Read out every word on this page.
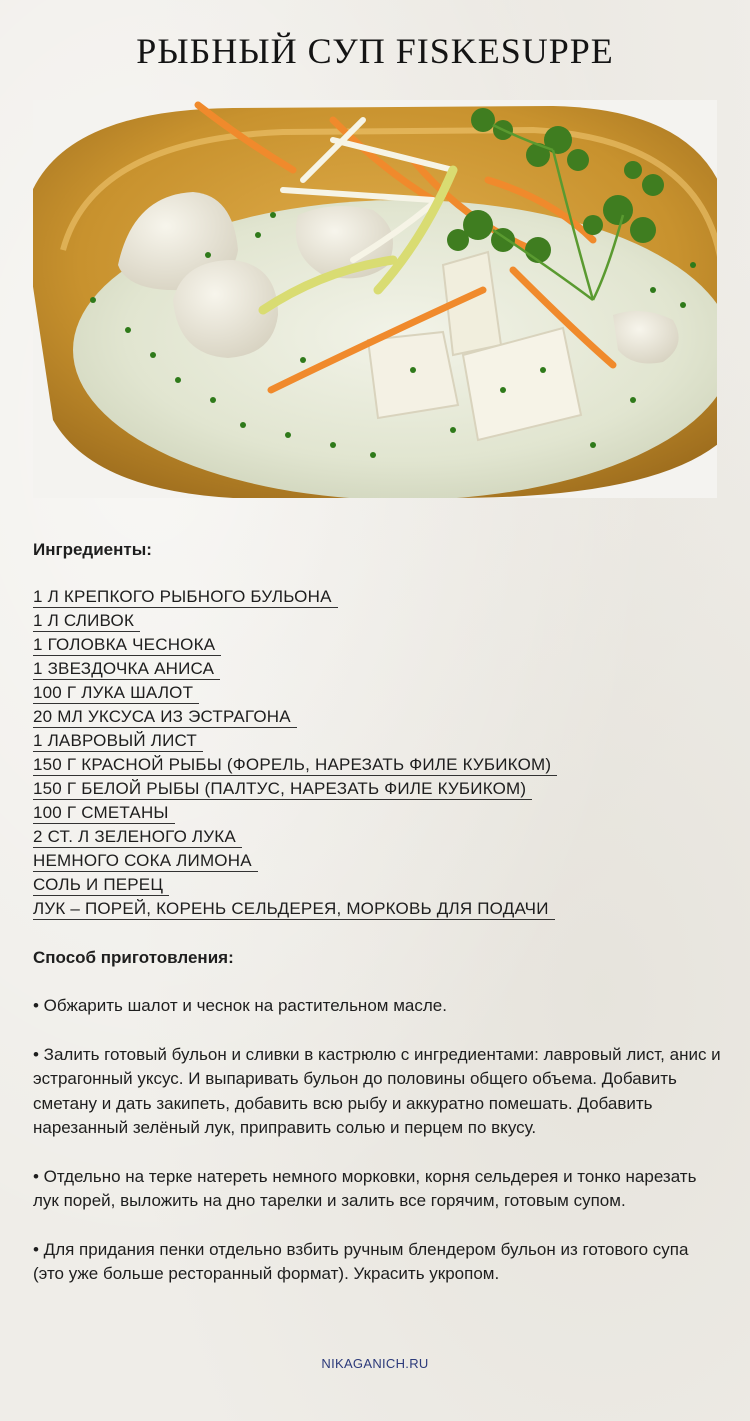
РЫБНЫЙ СУП FISKESUPPE
Ингредиенты:
1 Л КРЕПКОГО РЫБНОГО БУЛЬОНА
1 Л СЛИВОК
1 ГОЛОВКА ЧЕСНОКА
1 ЗВЕЗДОЧКА АНИСА
100 Г ЛУКА ШАЛОТ
20 МЛ УКСУСА ИЗ ЭСТРАГОНА
1 ЛАВРОВЫЙ ЛИСТ
150 Г КРАСНОЙ РЫБЫ (ФОРЕЛЬ, НАРЕЗАТЬ ФИЛЕ КУБИКОМ)
150 Г БЕЛОЙ РЫБЫ (ПАЛТУС, НАРЕЗАТЬ ФИЛЕ КУБИКОМ)
100 Г СМЕТАНЫ
2 СТ. Л ЗЕЛЕНОГО ЛУКА
НЕМНОГО СОКА ЛИМОНА
СОЛЬ И ПЕРЕЦ
ЛУК – ПОРЕЙ, КОРЕНЬ СЕЛЬДЕРЕЯ, МОРКОВЬ ДЛЯ ПОДАЧИ
Способ приготовления:

• Обжарить шалот и чеснок на растительном масле.

• Залить готовый бульон и сливки в кастрюлю с ингредиентами: лавровый лист, анис и эстрагонный уксус. И выпаривать бульон до половины общего объема. Добавить сметану и дать закипеть, добавить всю рыбу и аккуратно помешать. Добавить нарезанный зелёный лук, приправить солью и перцем по вкусу.

• Отдельно на терке натереть немного морковки, корня сельдерея и тонко нарезать лук порей, выложить на дно тарелки и залить все горячим, готовым супом.

• Для придания пенки отдельно взбить ручным блендером бульон из готового супа (это уже больше ресторанный формат). Украсить укропом.

NIKAGANICH.RU
